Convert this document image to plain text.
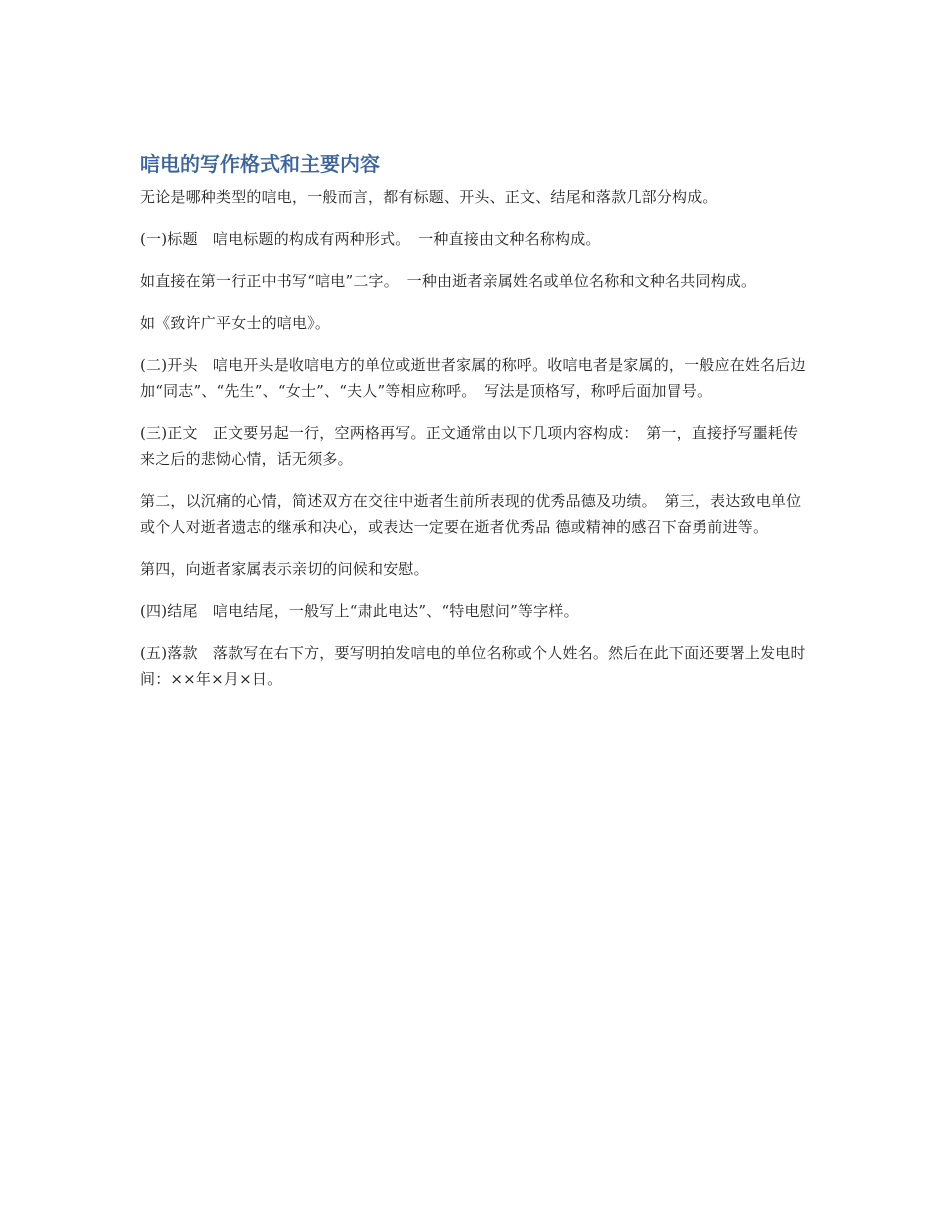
唁电的写作格式和主要内容

无论是哪种类型的唁电，一般而言，都有标题、开头、正文、结尾和落款几部分构成。

(一)标题　唁电标题的构成有两种形式。　一种直接由文种名称构成。

如直接在第一行正中书写“唁电”二字。　一种由逝者亲属姓名或单位名称和文种名共同构成。

如《致许广平女士的唁电》。

(二)开头　唁电开头是收唁电方的单位或逝世者家属的称呼。收唁电者是家属的，一般应在姓名后边加“同志”、“先生”、“女士”、“夫人”等相应称呼。　写法是顶格写，称呼后面加冒号。

(三)正文　正文要另起一行，空两格再写。正文通常由以下几项内容构成：　第一，直接抒写噩耗传来之后的悲恸心情，话无须多。

第二，以沉痛的心情，简述双方在交往中逝者生前所表现的优秀品德及功绩。　第三，表达致电单位或个人对逝者遗志的继承和决心，或表达一定要在逝者优秀品 德或精神的感召下奋勇前进等。

第四，向逝者家属表示亲切的问候和安慰。

(四)结尾　唁电结尾，一般写上“肃此电达”、“特电慰问”等字样。

(五)落款　落款写在右下方，要写明拍发唁电的单位名称或个人姓名。然后在此下面还要署上发电时间：××年×月×日。
